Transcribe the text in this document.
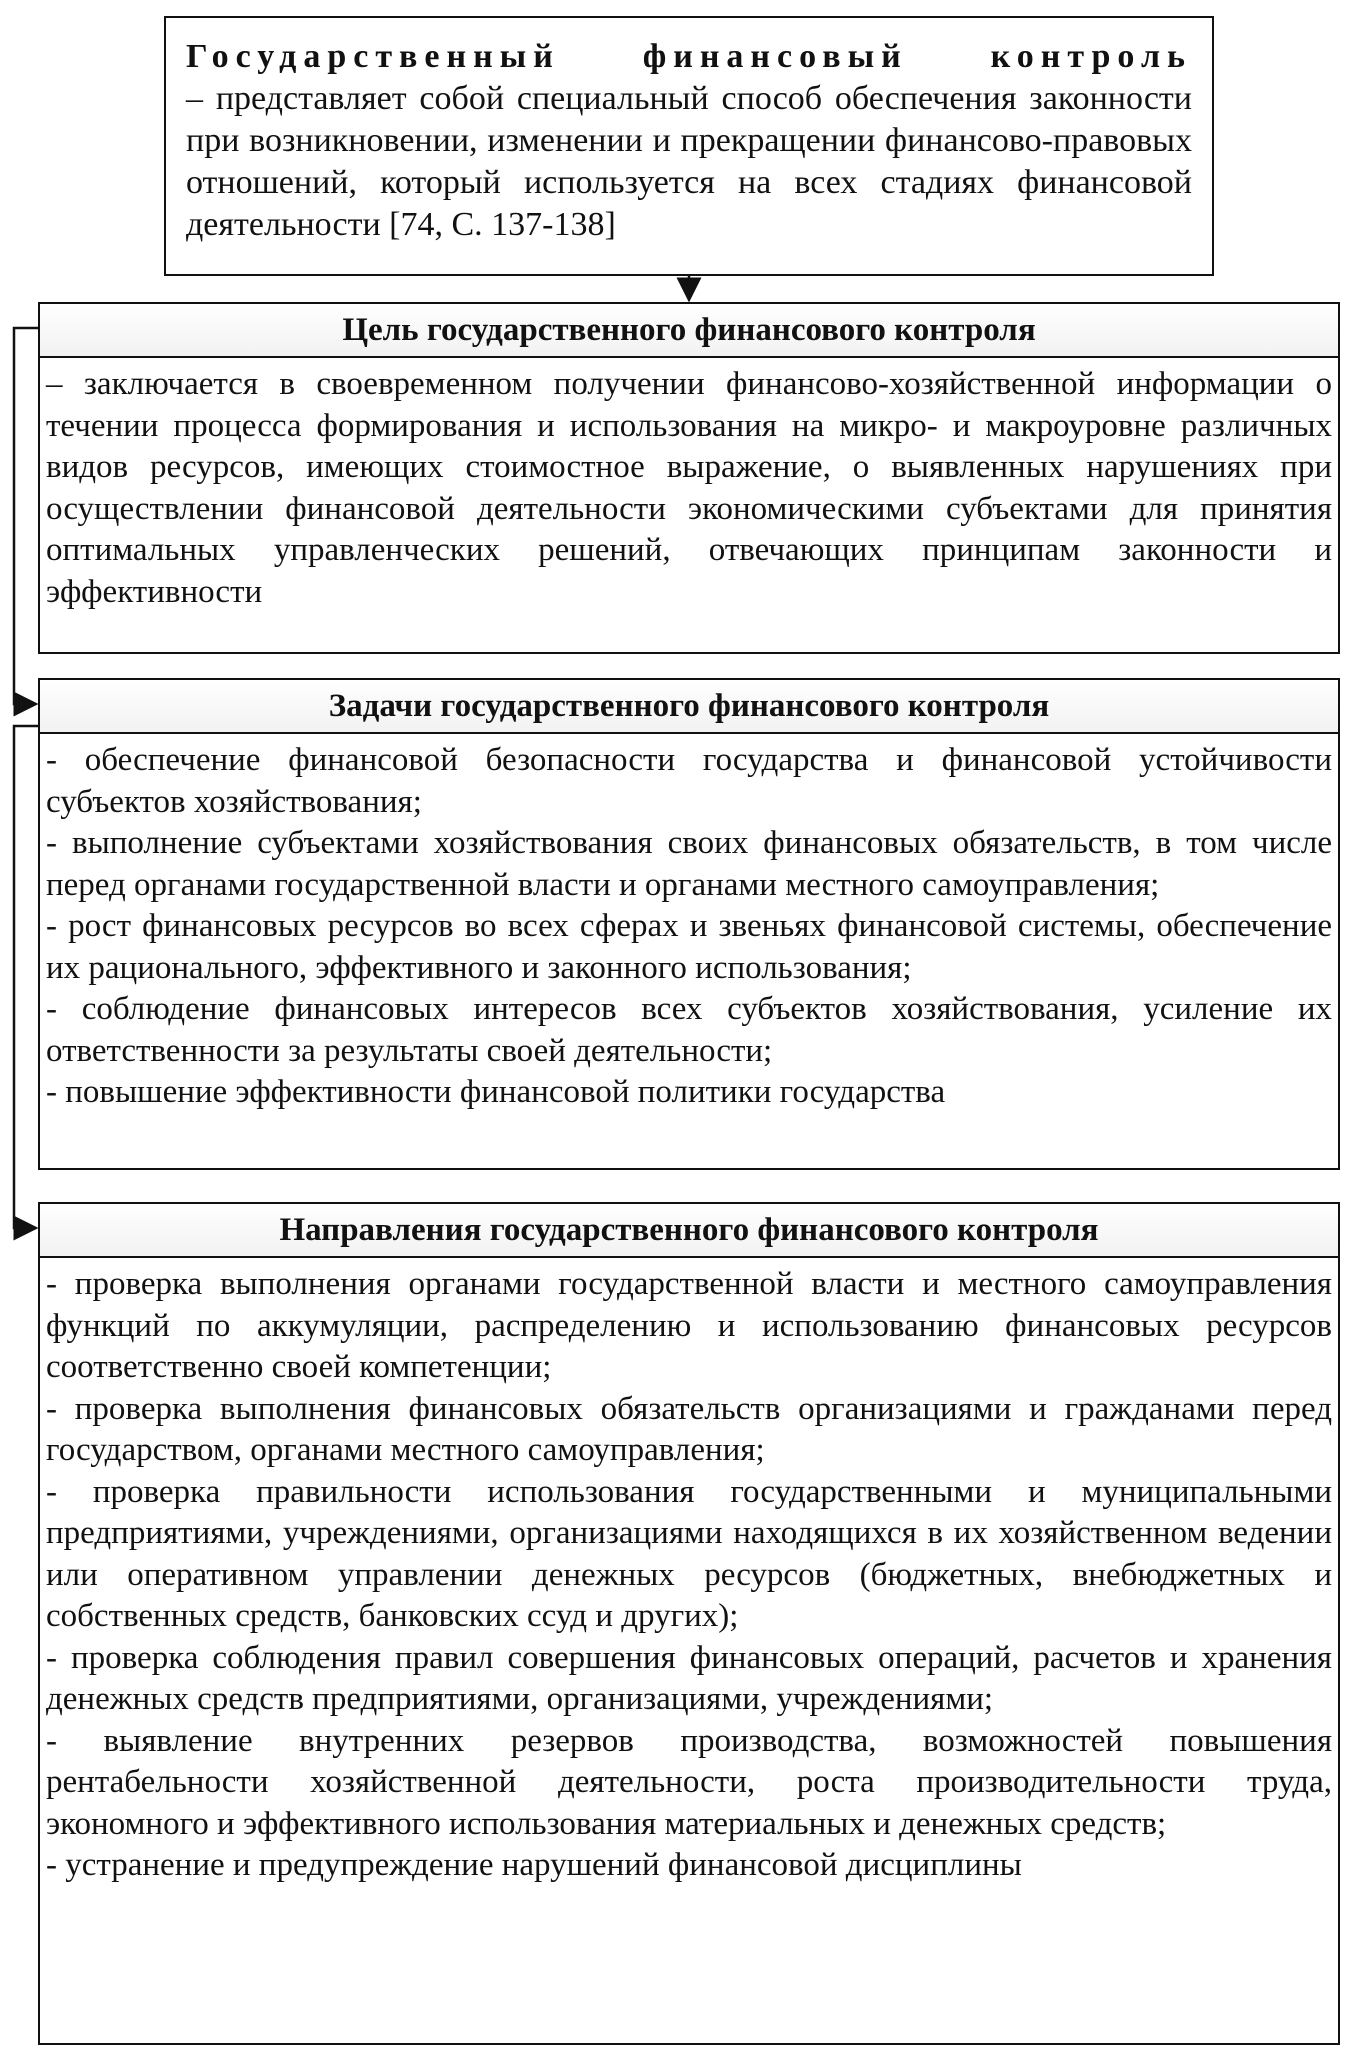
Государственный финансовый контроль
– представляет собой специальный способ обеспечения законности при возникновении, изменении и прекращении финансово-правовых отношений, который используется на всех стадиях финансовой деятельности [74, С. 137-138]
Цель государственного финансового контроля

– заключается в своевременном получении финансово-хозяйственной информации о течении процесса формирования и использования на микро- и макроуровне различных видов ресурсов, имеющих стоимостное выражение, о выявленных нарушениях при осуществлении финансовой деятельности экономическими субъектами для принятия оптимальных управленческих решений, отвечающих принципам законности и эффективности

Задачи государственного финансового контроля

- обеспечение финансовой безопасности государства и финансовой устойчивости субъектов хозяйствования;

- выполнение субъектами хозяйствования своих финансовых обязательств, в том числе перед органами государственной власти и органами местного самоуправления;

- рост финансовых ресурсов во всех сферах и звеньях финансовой системы, обеспечение их рационального, эффективного и законного использования;

- соблюдение финансовых интересов всех субъектов хозяйствования, усиление их ответственности за результаты своей деятельности;

- повышение эффективности финансовой политики государства

Направления государственного финансового контроля

- проверка выполнения органами государственной власти и местного самоуправления функций по аккумуляции, распределению и использованию финансовых ресурсов соответственно своей компетенции;

- проверка выполнения финансовых обязательств организациями и гражданами перед государством, органами местного самоуправления;

- проверка правильности использования государственными и муниципальными предприятиями, учреждениями, организациями находящихся в их хозяйственном ведении или оперативном управлении денежных ресурсов (бюджетных, внебюджетных и собственных средств, банковских ссуд и других);

- проверка соблюдения правил совершения финансовых операций, расчетов и хранения денежных средств предприятиями, организациями, учреждениями;

- выявление внутренних резервов производства, возможностей повышения рентабельности хозяйственной деятельности, роста производительности труда, экономного и эффективного использования материальных и денежных средств;

- устранение и предупреждение нарушений финансовой дисциплины
